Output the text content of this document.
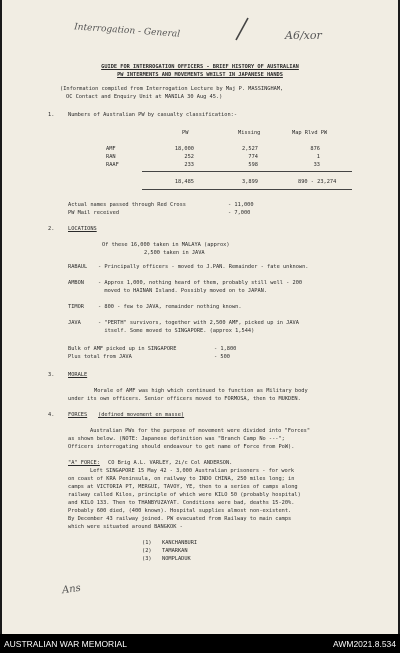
Interrogation - General	A6/xor
GUIDE FOR INTERROGATION OFFICERS - BRIEF HISTORY OF AUSTRALIAN
PW INTERMENTS AND MOVEMENTS WHILST IN JAPANESE HANDS
(Information compiled from Interrogation Lecture by Maj P. MASSINGHAM,
OC Contact and Enquiry Unit at MANILA 30 Aug 45.)
1.	Numbers of Australian PW by casualty classification:-
PW	Missing	Map Rlvd PW
AMF	18,000	2,527	876
RAN	252	774	1
RAAF	233	598	33
18,485	3,899	890 - 23,274
Actual names passed through Red Cross	- 11,000
PW Mail received	- 7,000
2.	LOCATIONS
Of these 16,000 taken in MALAYA (approx)
2,500 taken in JAVA
RABAUL - Principally officers - moved to J.PAN. Remainder - fate unknown.
AMBON	- Approx 1,000, nothing heard of them, probably still well - 200
moved to HAINAN Island. Possibly moved on to JAPAN.
TIMOR	- 800 - few to JAVA, remainder nothing known.
JAVA	- "PERTH" survivors, together with 2,500 AMF, picked up in JAVA
itself. Some moved to SINGAPORE. (approx 1,544)
Bulk of AMF picked up in SINGAPORE	- 1,800
Plus total from JAVA	- 500
3.	MORALE
Morale of AMF was high which continued to function as Military body
under its own officers. Senior officers moved to FORMOSA, then to MUKDEN.
4.	FORCES (defined movement en masse)
Australian PWs for the purpose of movement were divided into "Forces"
as shown below. (NOTE: Japanese definition was "Branch Camp No ---";
Officers interrogating should endeavour to get name of Force from PoW).
"A" FORCE: CO Brig A.L. VARLEY, 2i/c Col ANDERSON.
Left SINGAPORE 15 May 42 - 3,000 Australian prisoners - for work
on coast of KRA Peninsula, on railway to INDO CHINA, 250 miles long; in
camps at VICTORIA PT, MERGUI, TAVOY, YE, then to a series of camps along
railway called Kilos, principle of which were KILO 50 (probably hospital)
and KILO 133. Then to THANBYUZAYAT. Conditions were bad, deaths 15-20%.
Probably 600 died, (400 known). Hospital supplies almost non-existent.
By December 43 railway joined. PW evacuated from Railway to main camps
which were situated around BANGKOK -
(1) KANCHANBURI
(2) TAMARKAN
(3) NOMPLADUK
Ans
AUSTRALIAN WAR MEMORIAL	AWM2021.8.534
